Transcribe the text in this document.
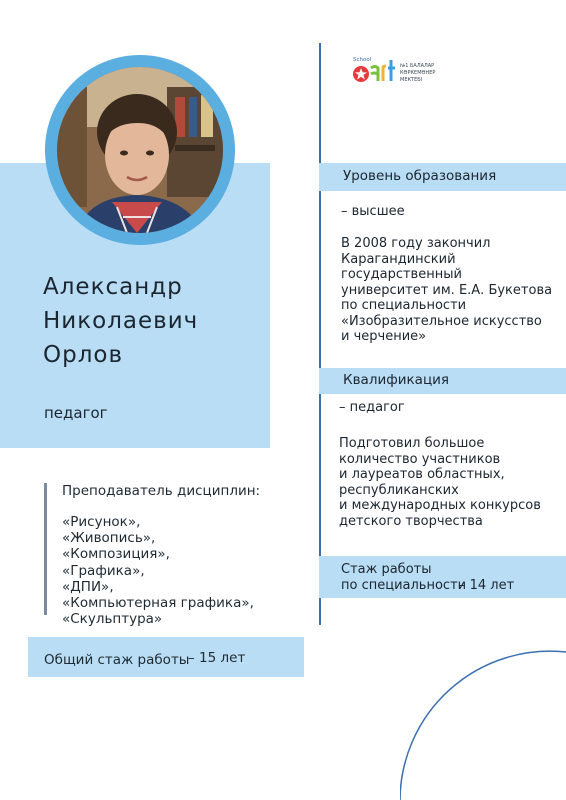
Александр
Николаевич
Орлов
педагог
Преподаватель дисциплин:
«Рисунок»,
«Живопись»,
«Композиция»,
«Графика»,
«ДПИ»,
«Компьютерная графика»,
«Скульптура»
Общий стаж работы
– 15 лет
School
№1 БАЛАЛАР
КӨРКЕМӨНЕР
МЕКТЕБІ
Уровень образования
– высшее
В 2008 году закончил
Карагандинский
государственный
университет им. Е.А. Букетова
по специальности
«Изобразительное искусство
и черчение»
Квалификация
– педагог
Подготовил большое
количество участников
и лауреатов областных,
республиканских
и международных конкурсов
детского творчества
Стаж работы
по специальности
– 14 лет
